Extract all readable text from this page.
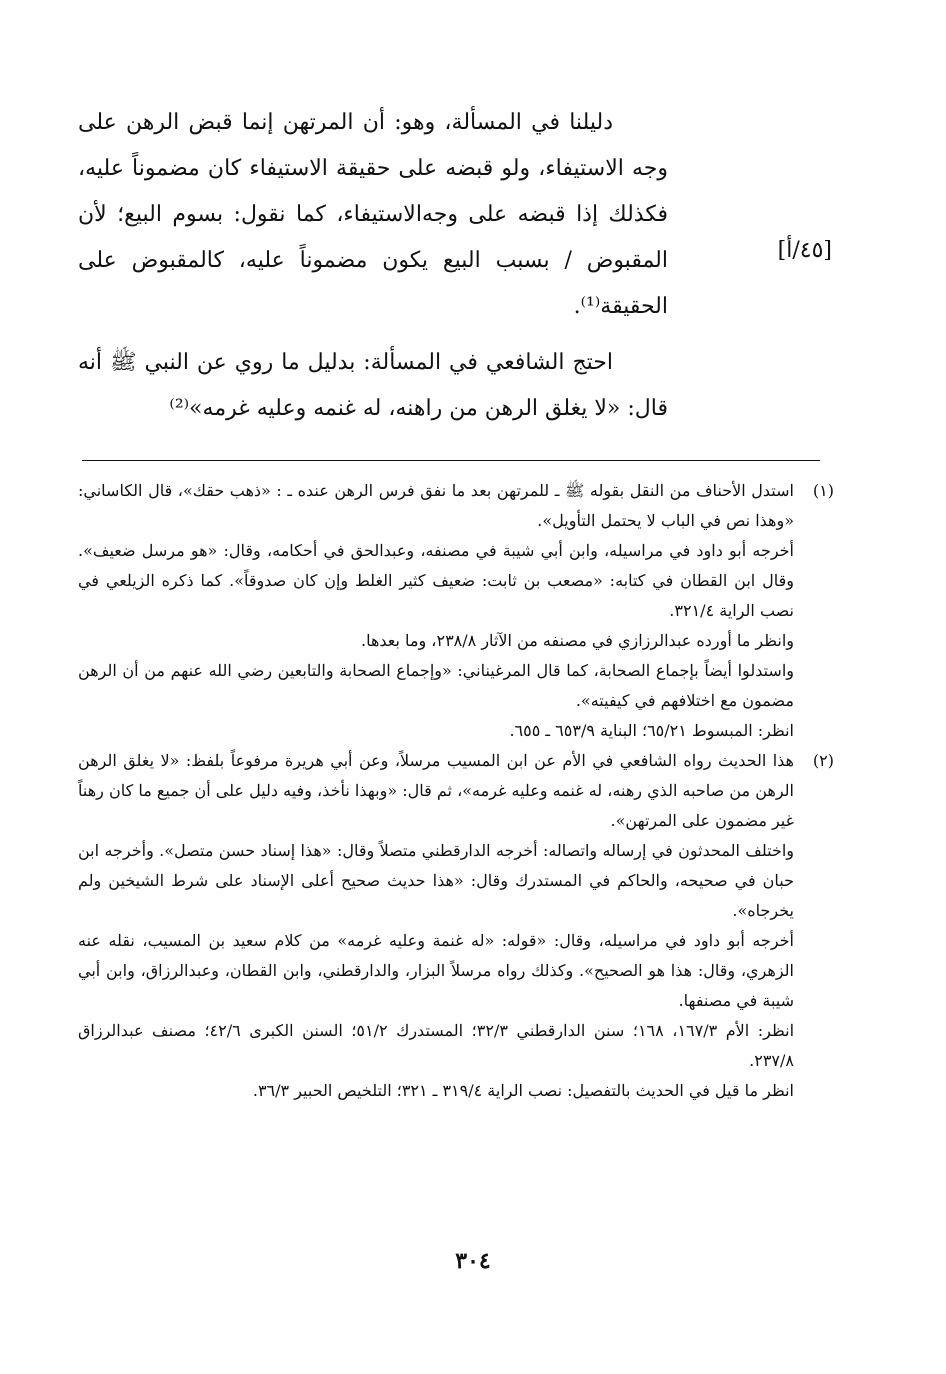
دليلنا في المسألة، وهو: أن المرتهن إنما قبض الرهن على وجه الاستيفاء، ولو قبضه على حقيقة الاستيفاء كان مضموناً عليه، فكذلك إذا قبضه على وجه‌الاستيفاء، كما نقول: بسوم البيع؛ لأن المقبوض / بسبب البيع يكون مضموناً عليه، كالمقبوض على الحقيقة⁽¹⁾.

احتج الشافعي في المسألة: بدليل ما روي عن النبي ﷺ أنه قال: «لا يغلق الرهن من راهنه، له غنمه وعليه غرمه»⁽²⁾

[٤٥/أ]
(١)

استدل الأحناف من النقل بقوله ﷺ ـ للمرتهن بعد ما نفق فرس الرهن عنده ـ : «ذهب حقك»، قال الكاساني: «وهذا نص في الباب لا يحتمل التأويل».

أخرجه أبو داود في مراسيله، وابن أبي شيبة في مصنفه، وعبدالحق في أحكامه، وقال: «هو مرسل ضعيف». وقال ابن القطان في كتابه: «مصعب بن ثابت: ضعيف كثير الغلط وإن كان صدوقاً». كما ذكره الزيلعي في نصب الراية ٣٢١/٤.

وانظر ما أورده عبدالرزازي في مصنفه من الآثار ٢٣٨/٨، وما بعدها.

واستدلوا أيضاً بإجماع الصحابة، كما قال المرغيناني: «وإجماع الصحابة والتابعين رضي الله عنهم من أن الرهن مضمون مع اختلافهم في كيفيته».

انظر: المبسوط ٦٥/٢١؛ البناية ٦٥٣/٩ ـ ٦٥٥.

(٢)

هذا الحديث رواه الشافعي في الأم عن ابن المسيب مرسلاً، وعن أبي هريرة مرفوعاً بلفظ: «لا يغلق الرهن الرهن من صاحبه الذي رهنه، له غنمه وعليه غرمه»، ثم قال: «وبهذا نأخذ، وفيه دليل على أن جميع ما كان رهناً غير مضمون على المرتهن».

واختلف المحدثون في إرساله واتصاله: أخرجه الدارقطني متصلاً وقال: «هذا إسناد حسن متصل». وأخرجه ابن حبان في صحيحه، والحاكم في المستدرك وقال: «هذا حديث صحيح أعلى الإسناد على شرط الشيخين ولم يخرجاه».

أخرجه أبو داود في مراسيله، وقال: «قوله: «له غنمة وعليه غرمه» من كلام سعيد بن المسيب، نقله عنه الزهري، وقال: هذا هو الصحيح». وكذلك رواه مرسلاً البزار، والدارقطني، وابن القطان، وعبدالرزاق، وابن أبي شيبة في مصنفها.

انظر: الأم ١٦٧/٣، ١٦٨؛ سنن الدارقطني ٣٢/٣؛ المستدرك ٥١/٢؛ السنن الكبرى ٤٢/٦؛ مصنف عبدالرزاق ٢٣٧/٨.

انظر ما قيل في الحديث بالتفصيل: نصب الراية ٣١٩/٤ ـ ٣٢١؛ التلخيص الحبير ٣٦/٣.

٣٠٤
